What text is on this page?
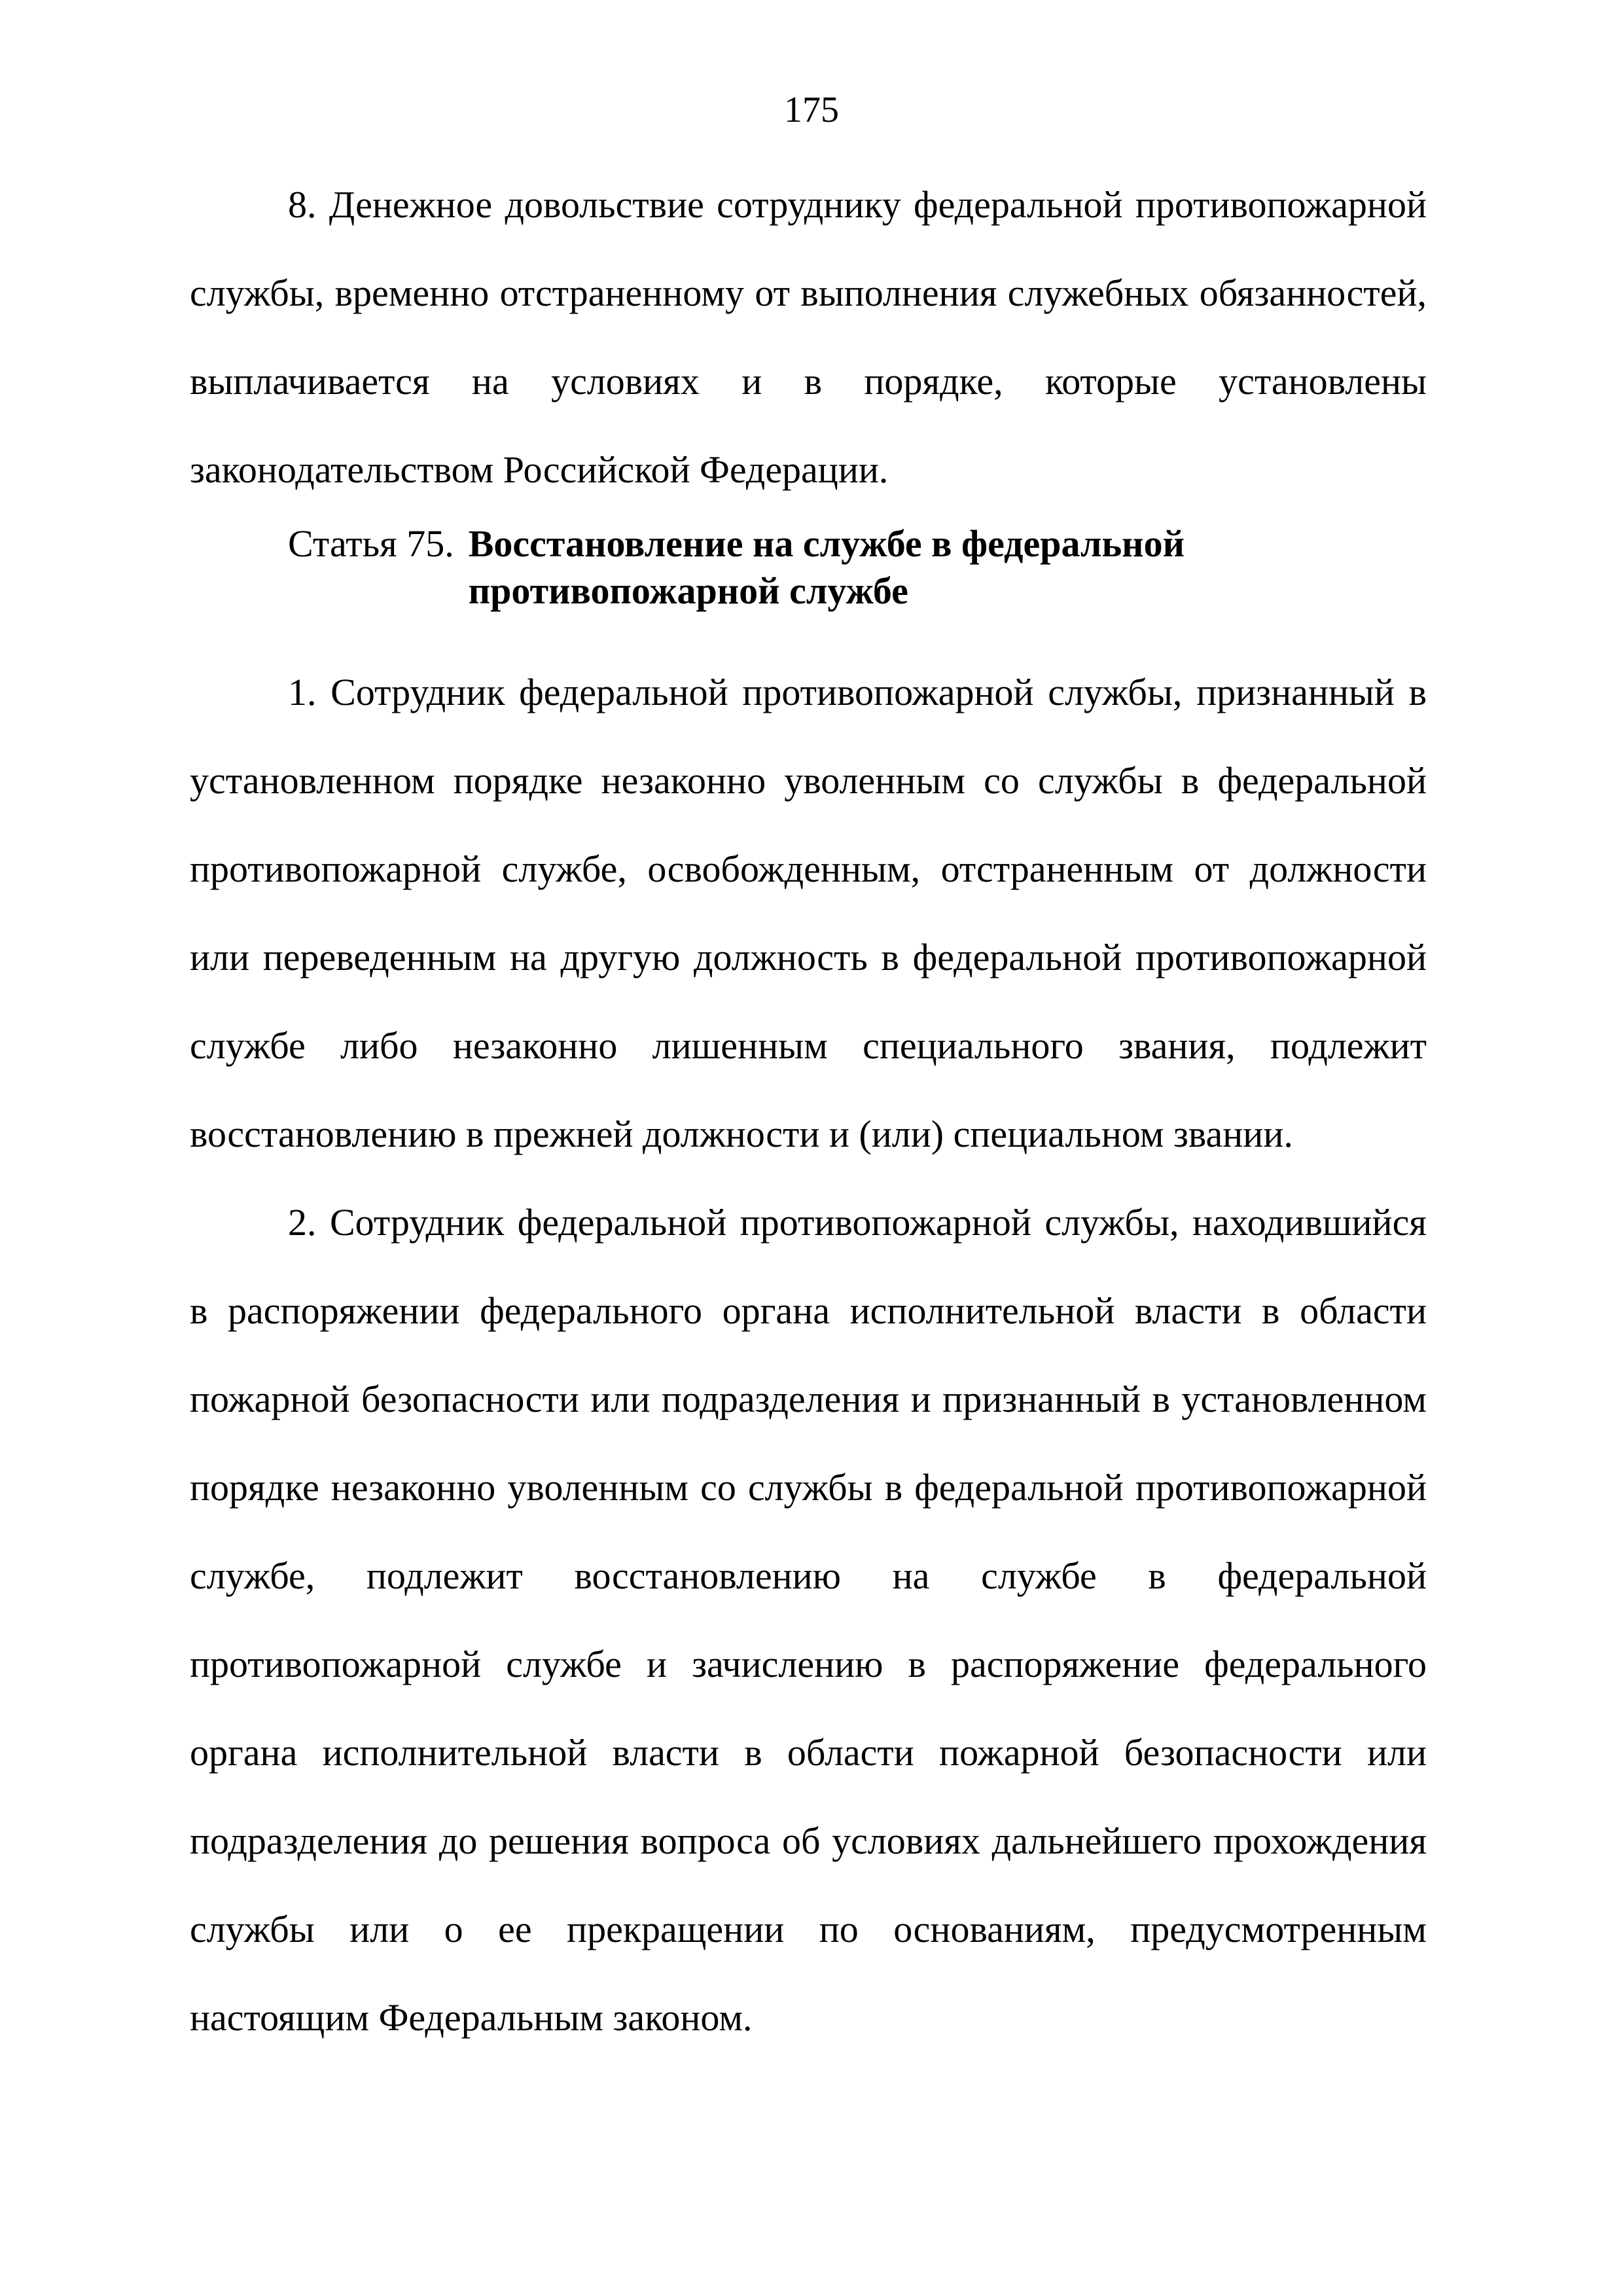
175

8. Денежное довольствие сотруднику федеральной противопожарной службы, временно отстраненному от выполнения служебных обязанностей, выплачивается на условиях и в порядке, которые установлены законодательством Российской Федерации.

Статья 75. Восстановление на службе в федеральной противопожарной службе

1. Сотрудник федеральной противопожарной службы, признанный в установленном порядке незаконно уволенным со службы в федеральной противопожарной службе, освобожденным, отстраненным от должности или переведенным на другую должность в федеральной противопожарной службе либо незаконно лишенным специального звания, подлежит восстановлению в прежней должности и (или) специальном звании.

2. Сотрудник федеральной противопожарной службы, находившийся в распоряжении федерального органа исполнительной власти в области пожарной безопасности или подразделения и признанный в установленном порядке незаконно уволенным со службы в федеральной противопожарной службе, подлежит восстановлению на службе в федеральной противопожарной службе и зачислению в распоряжение федерального органа исполнительной власти в области пожарной безопасности или подразделения до решения вопроса об условиях дальнейшего прохождения службы или о ее прекращении по основаниям, предусмотренным настоящим Федеральным законом.
